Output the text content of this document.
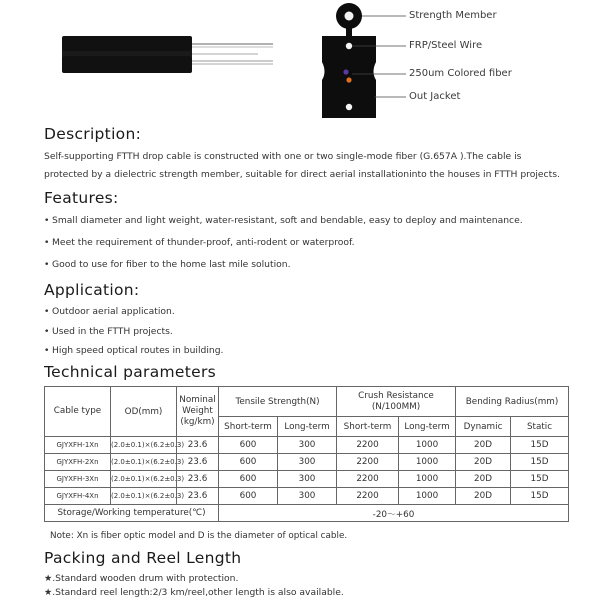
Strength Member
FRP/Steel Wire
250um Colored fiber
Out Jacket
Description:
Self-supporting FTTH drop cable is constructed with one or two single-mode fiber (G.657A ).The cable is
protected by a dielectric strength member, suitable for direct aerial installationinto the houses in FTTH projects.
Features:
• Small diameter and light weight, water-resistant, soft and bendable, easy to deploy and maintenance.
• Meet the requirement of thunder-proof, anti-rodent or waterproof.
• Good to use for fiber to the home last mile solution.
Application:
• Outdoor aerial application.
• Used in the FTTH projects.
• High speed optical routes in building.
Technical parameters
Cable type	OD(mm)	Nominal Weight (kg/km)	Tensile Strength(N)		Crush Resistance (N/100MM)		Bending Radius(mm)	
			Short-term	Long-term	Short-term	Long-term	Dynamic	Static
GJYXFH-1Xn	(2.0±0.1)×(6.2±0.3)	23.6	600	300	2200	1000	20D	15D
GJYXFH-2Xn	(2.0±0.1)×(6.2±0.3)	23.6	600	300	2200	1000	20D	15D
GJYXFH-3Xn	(2.0±0.1)×(6.2±0.3)	23.6	600	300	2200	1000	20D	15D
GJYXFH-4Xn	(2.0±0.1)×(6.2±0.3)	23.6	600	300	2200	1000	20D	15D
Storage/Working temperature(℃)			-20～+60					
Note: Xn is fiber optic model and D is the diameter of optical cable.
Packing and Reel Length
★.Standard wooden drum with protection.
★.Standard reel length:2/3 km/reel,other length is also available.
